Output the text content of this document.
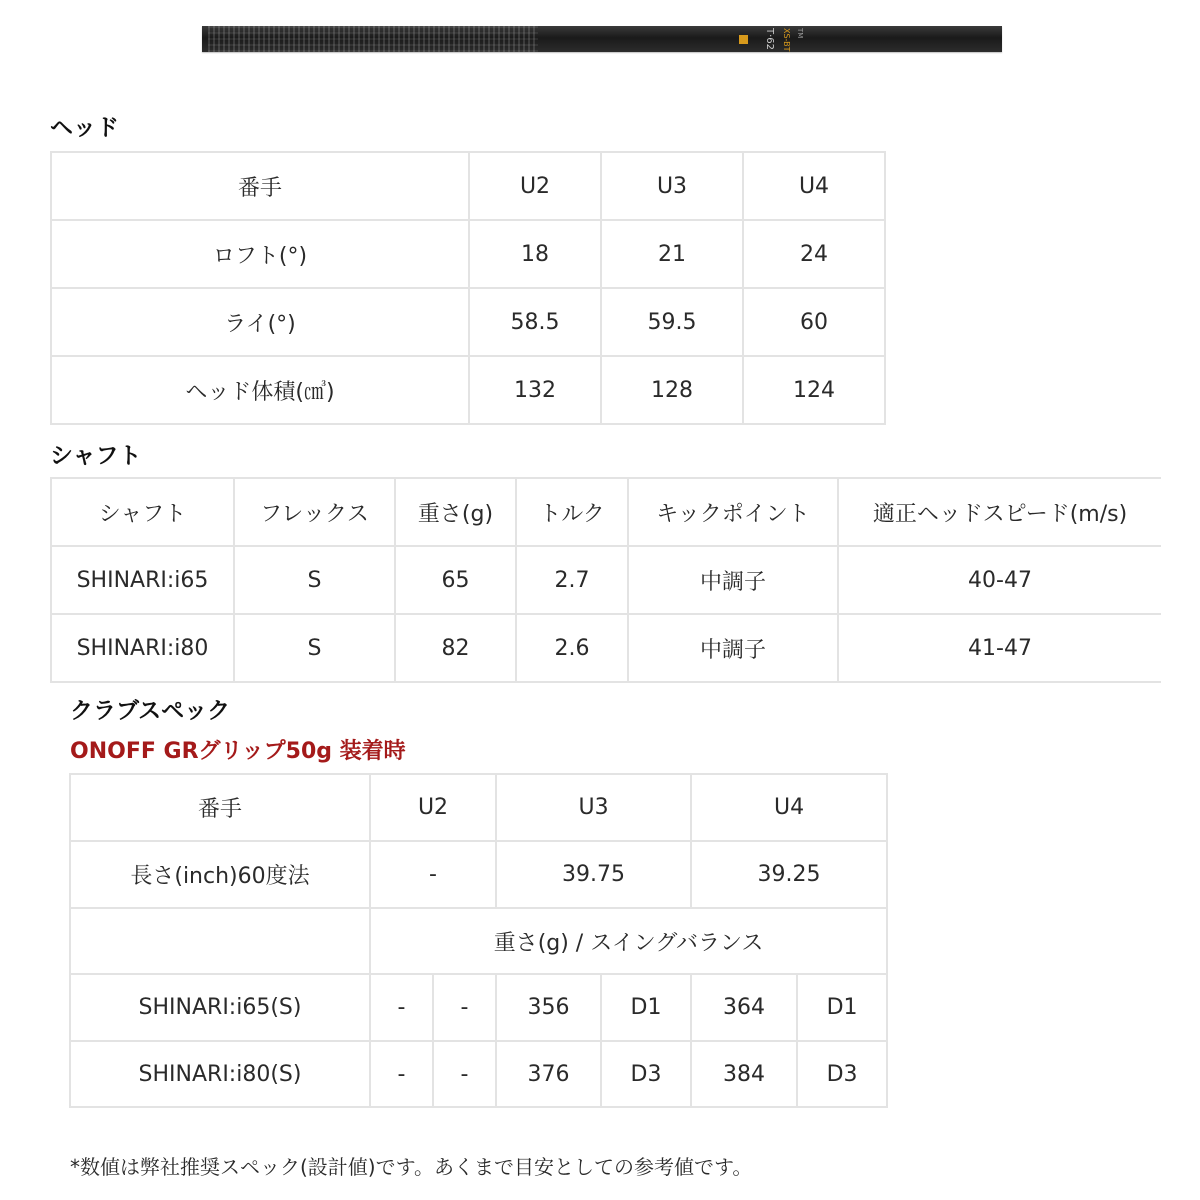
T·62 XS-BT TM
ヘッド
番手	U2	U3	U4
ロフト(°)	18	21	24
ライ(°)	58.5	59.5	60
ヘッド体積(㎤)	132	128	124
シャフト
シャフト	フレックス	重さ(g)	トルク	キックポイント	適正ヘッドスピード(m/s)
SHINARI:i65	S	65	2.7	中調子	40-47
SHINARI:i80	S	82	2.6	中調子	41-47
クラブスペック
ONOFF GRグリップ50g 装着時
番手	U2		U3		U4	
長さ(inch)60度法	-		39.75		39.25	
	重さ(g) / スイングバランス					
SHINARI:i65(S)	-	-	356	D1	364	D1
SHINARI:i80(S)	-	-	376	D3	384	D3
*数値は弊社推奨スペック(設計値)です。あくまで目安としての参考値です。
